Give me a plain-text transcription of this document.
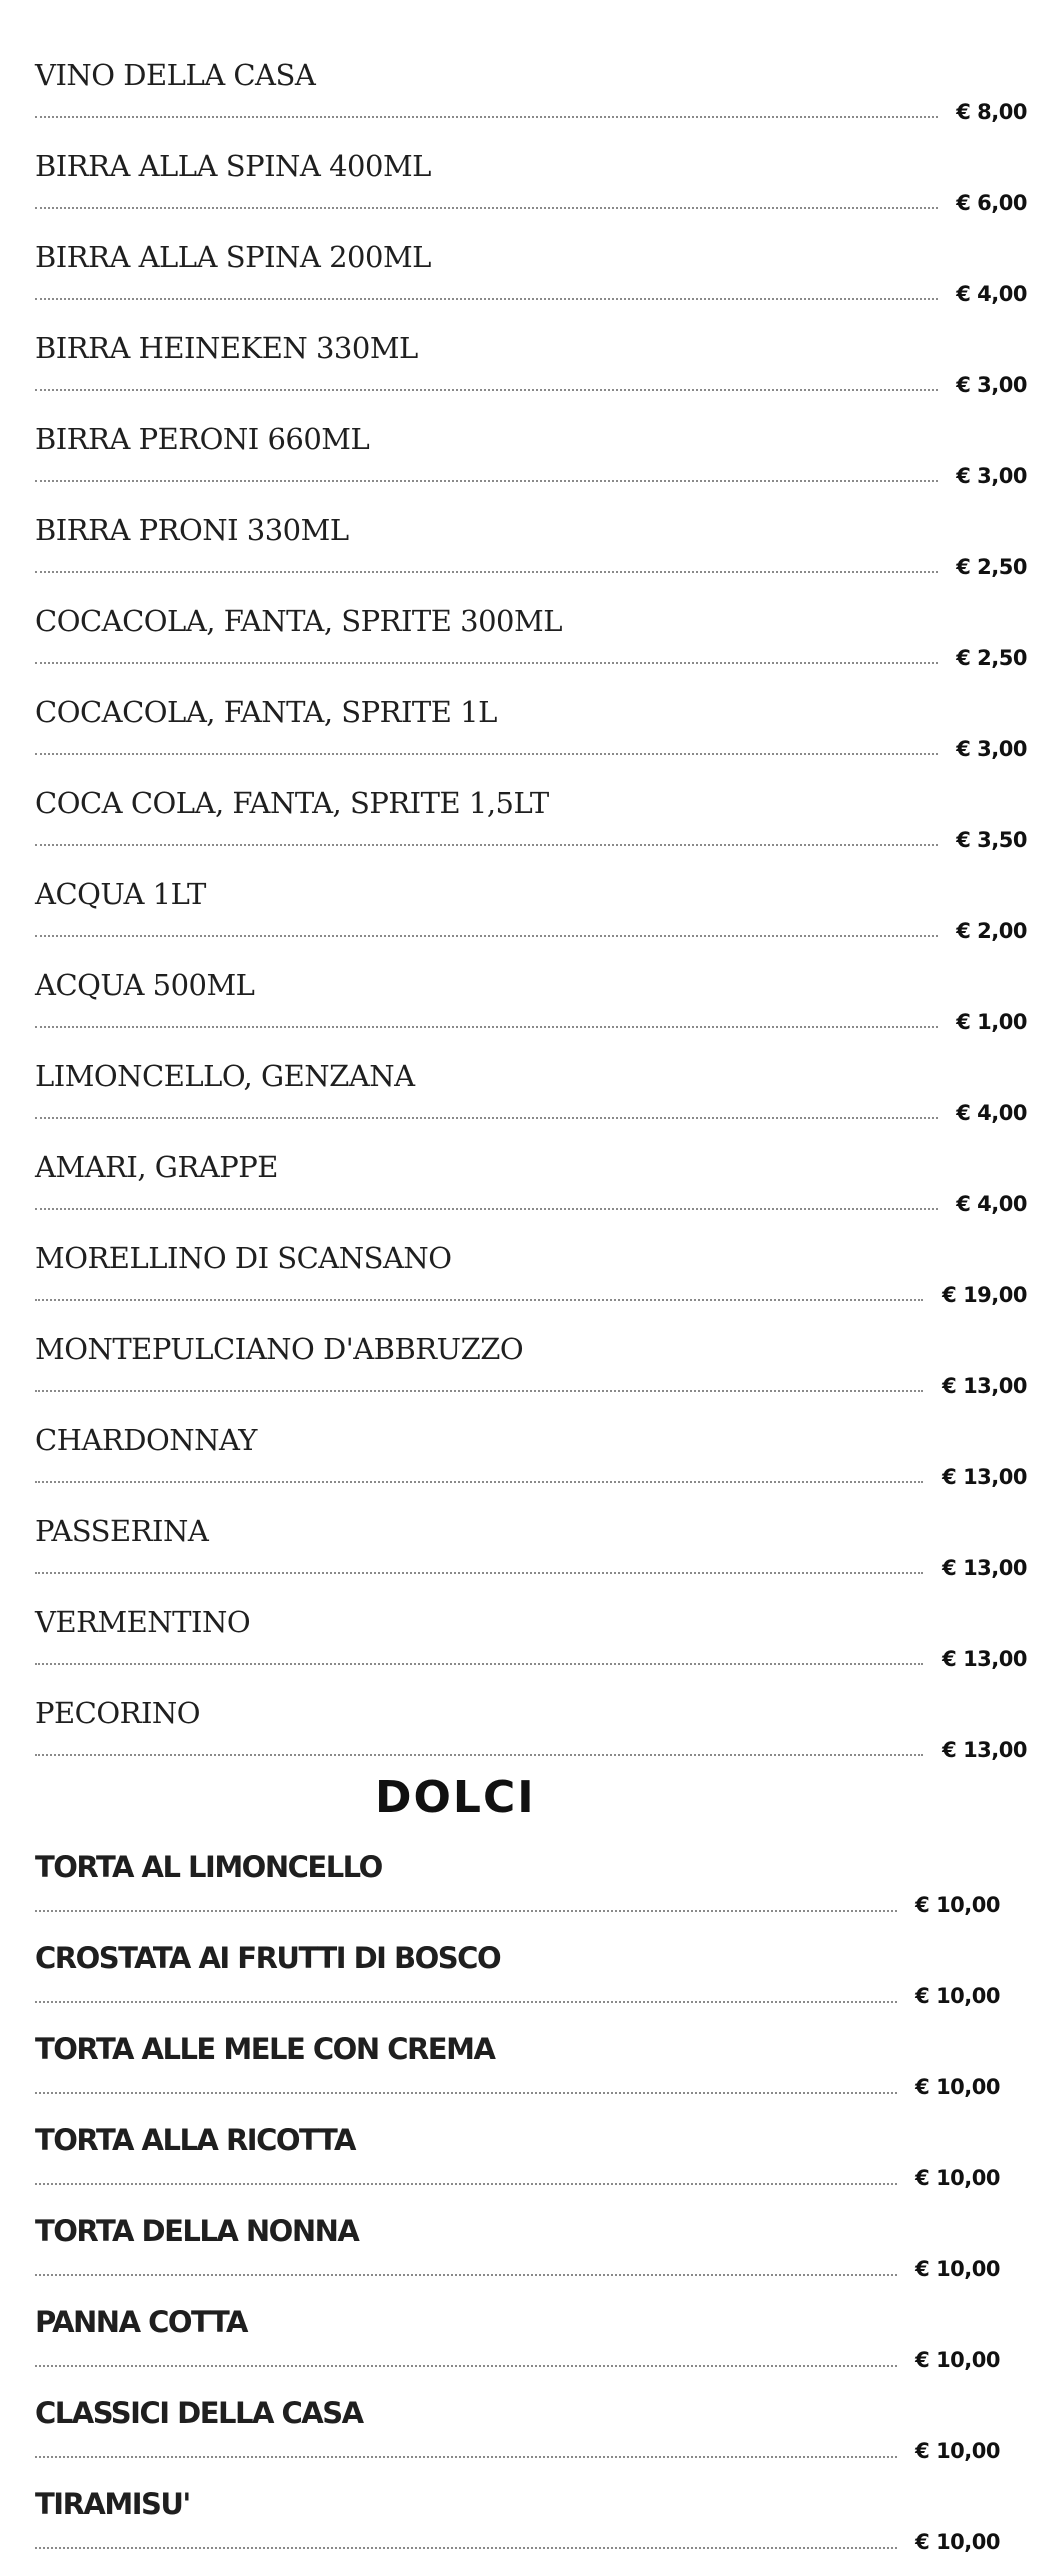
VINO DELLA CASA
€ 8,00
BIRRA ALLA SPINA 400ML
€ 6,00
BIRRA ALLA SPINA 200ML
€ 4,00
BIRRA HEINEKEN 330ML
€ 3,00
BIRRA PERONI 660ML
€ 3,00
BIRRA PRONI 330ML
€ 2,50
COCACOLA, FANTA, SPRITE 300ML
€ 2,50
COCACOLA, FANTA, SPRITE 1L
€ 3,00
COCA COLA, FANTA, SPRITE 1,5LT
€ 3,50
ACQUA 1LT
€ 2,00
ACQUA 500ML
€ 1,00
LIMONCELLO, GENZANA
€ 4,00
AMARI, GRAPPE
€ 4,00
MORELLINO DI SCANSANO
€ 19,00
MONTEPULCIANO D'ABBRUZZO
€ 13,00
CHARDONNAY
€ 13,00
PASSERINA
€ 13,00
VERMENTINO
€ 13,00
PECORINO
€ 13,00
DOLCI
TORTA AL LIMONCELLO
€ 10,00
CROSTATA AI FRUTTI DI BOSCO
€ 10,00
TORTA ALLE MELE CON CREMA
€ 10,00
TORTA ALLA RICOTTA
€ 10,00
TORTA DELLA NONNA
€ 10,00
PANNA COTTA
€ 10,00
CLASSICI DELLA CASA
€ 10,00
TIRAMISU'
€ 10,00
